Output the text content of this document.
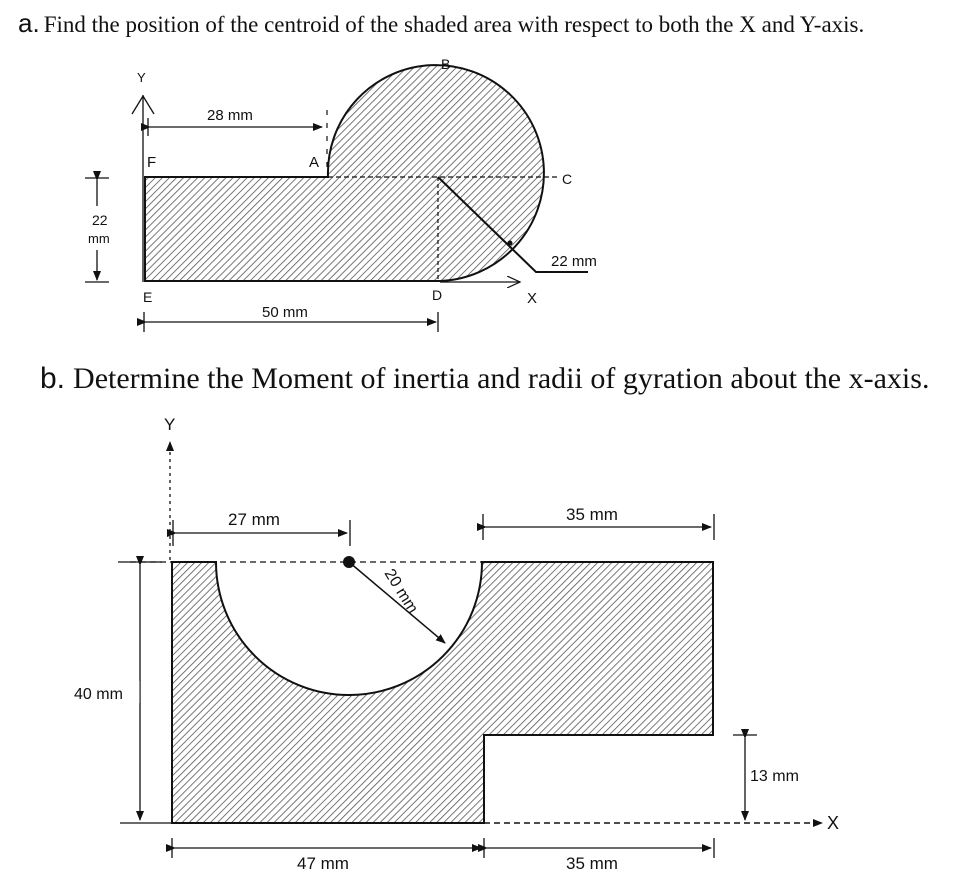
a. Find the position of the centroid of the shaded area with respect to both the X and Y-axis.
b. Determine the Moment of inertia and radii of gyration about the x-axis.
Y
F	A
B
C
D
E	X
28 mm
50 mm
22
mm
22 mm
Y
27 mm	35 mm
20 mm
40 mm
13 mm
X
47 mm	35 mm
